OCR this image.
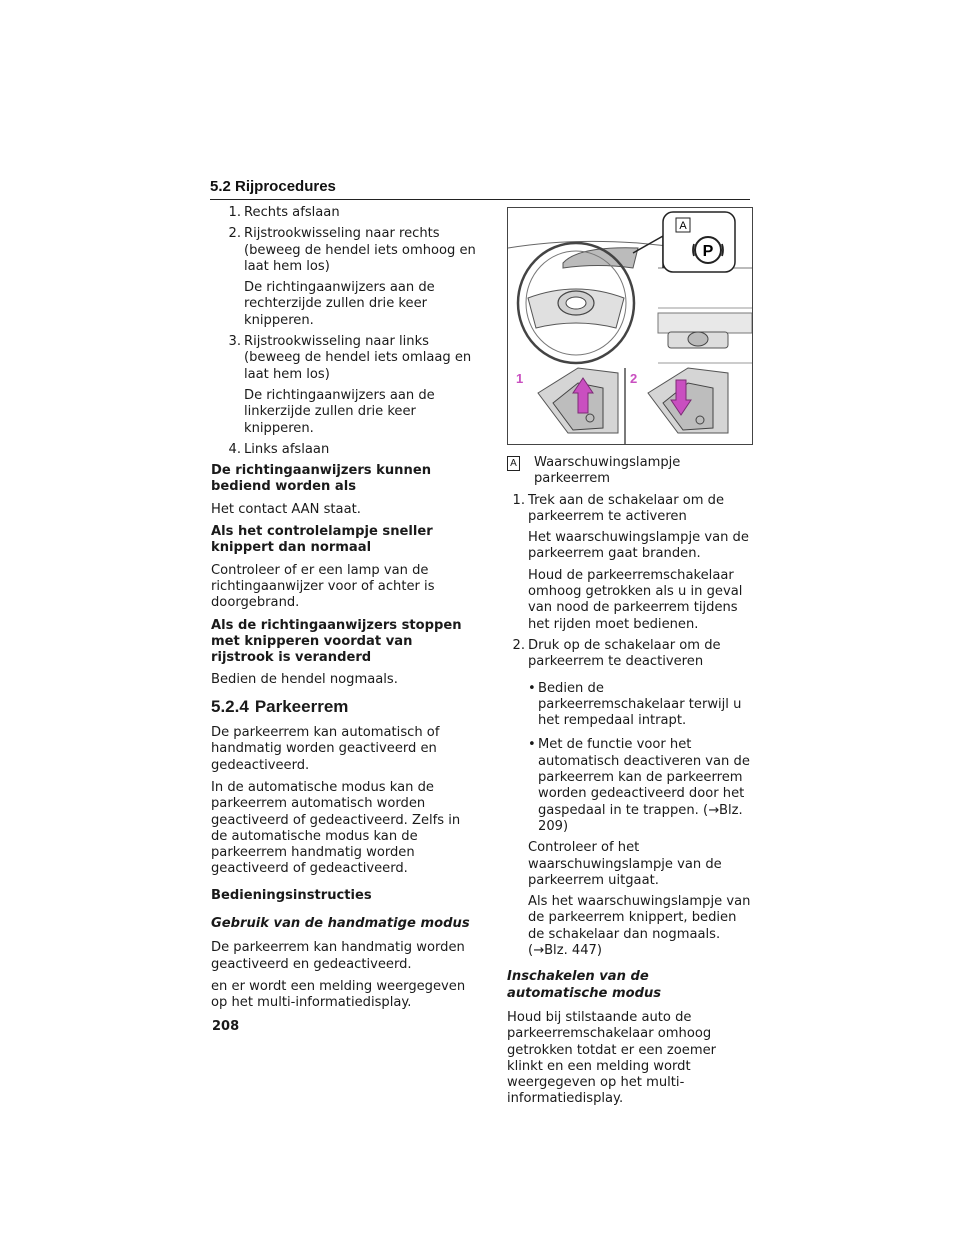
5.2 Rijprocedures
1. Rechts afslaan
2. Rijstrookwisseling naar rechts (beweeg de hendel iets omhoog en laat hem los)
De richtingaanwijzers aan de rechterzijde zullen drie keer knipperen.
3. Rijstrookwisseling naar links (beweeg de hendel iets omlaag en laat hem los)
De richtingaanwijzers aan de linkerzijde zullen drie keer knipperen.
4. Links afslaan

De richtingaanwijzers kunnen bediend worden als

Het contact AAN staat.

Als het controlelampje sneller knippert dan normaal

Controleer of er een lamp van de richtingaanwijzer voor of achter is doorgebrand.

Als de richtingaanwijzers stoppen met knipperen voordat van rijstrook is veranderd

Bedien de hendel nogmaals.

5.2.4 Parkeerrem

De parkeerrem kan automatisch of handmatig worden geactiveerd en gedeactiveerd.

In de automatische modus kan de parkeerrem automatisch worden geactiveerd of gedeactiveerd. Zelfs in de automatische modus kan de parkeerrem handmatig worden geactiveerd of gedeactiveerd.

Bedieningsinstructies

Gebruik van de handmatige modus

De parkeerrem kan handmatig worden geactiveerd en gedeactiveerd.

en er wordt een melding weergegeven op het multi-informatiedisplay.

A
P
1	2
A Waarschuwingslampje parkeerrem
1. Trek aan de schakelaar om de parkeerrem te activeren
Het waarschuwingslampje van de parkeerrem gaat branden.
Houd de parkeerremschakelaar omhoog getrokken als u in geval van nood de parkeerrem tijdens het rijden moet bedienen.
2. Druk op de schakelaar om de parkeerrem te deactiveren
• Bedien de parkeerremschakelaar terwijl u het rempedaal intrapt.
• Met de functie voor het automatisch deactiveren van de parkeerrem kan de parkeerrem worden gedeactiveerd door het gaspedaal in te trappen. (→Blz. 209)
Controleer of het waarschuwingslampje van de parkeerrem uitgaat.
Als het waarschuwingslampje van de parkeerrem knippert, bedien de schakelaar dan nogmaals. (→Blz. 447)

Inschakelen van de automatische modus

Houd bij stilstaande auto de parkeerremschakelaar omhoog getrokken totdat er een zoemer klinkt en een melding wordt weergegeven op het multi-informatiedisplay.

208
